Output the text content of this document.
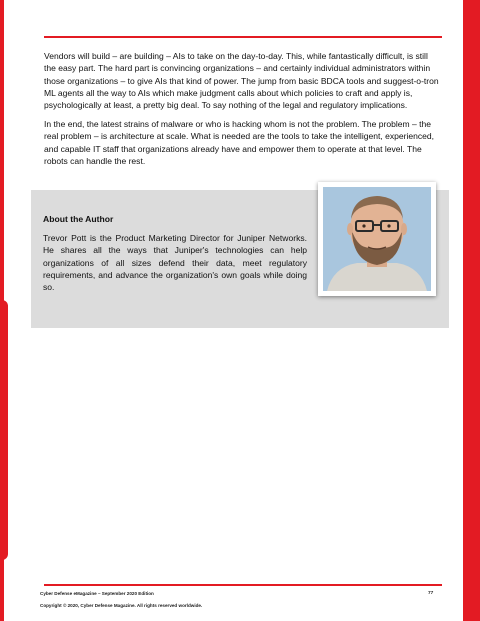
Vendors will build – are building – AIs to take on the day-to-day. This, while fantastically difficult, is still the easy part. The hard part is convincing organizations – and certainly individual administrators within those organizations – to give AIs that kind of power. The jump from basic BDCA tools and suggest-o-tron ML agents all the way to AIs which make judgment calls about which policies to craft and apply is, psychologically at least, a pretty big deal. To say nothing of the legal and regulatory implications.

In the end, the latest strains of malware or who is hacking whom is not the problem. The problem – the real problem – is architecture at scale. What is needed are the tools to take the intelligent, experienced, and capable IT staff that organizations already have and empower them to operate at that level. The robots can handle the rest.

About the Author

Trevor Pott is the Product Marketing Director for Juniper Networks. He shares all the ways that Juniper's technologies can help organizations of all sizes defend their data, meet regulatory requirements, and advance the organization's own goals while doing so.

Cyber Defense eMagazine – September 2020 Edition
Copyright © 2020, Cyber Defense Magazine. All rights reserved worldwide.
77
